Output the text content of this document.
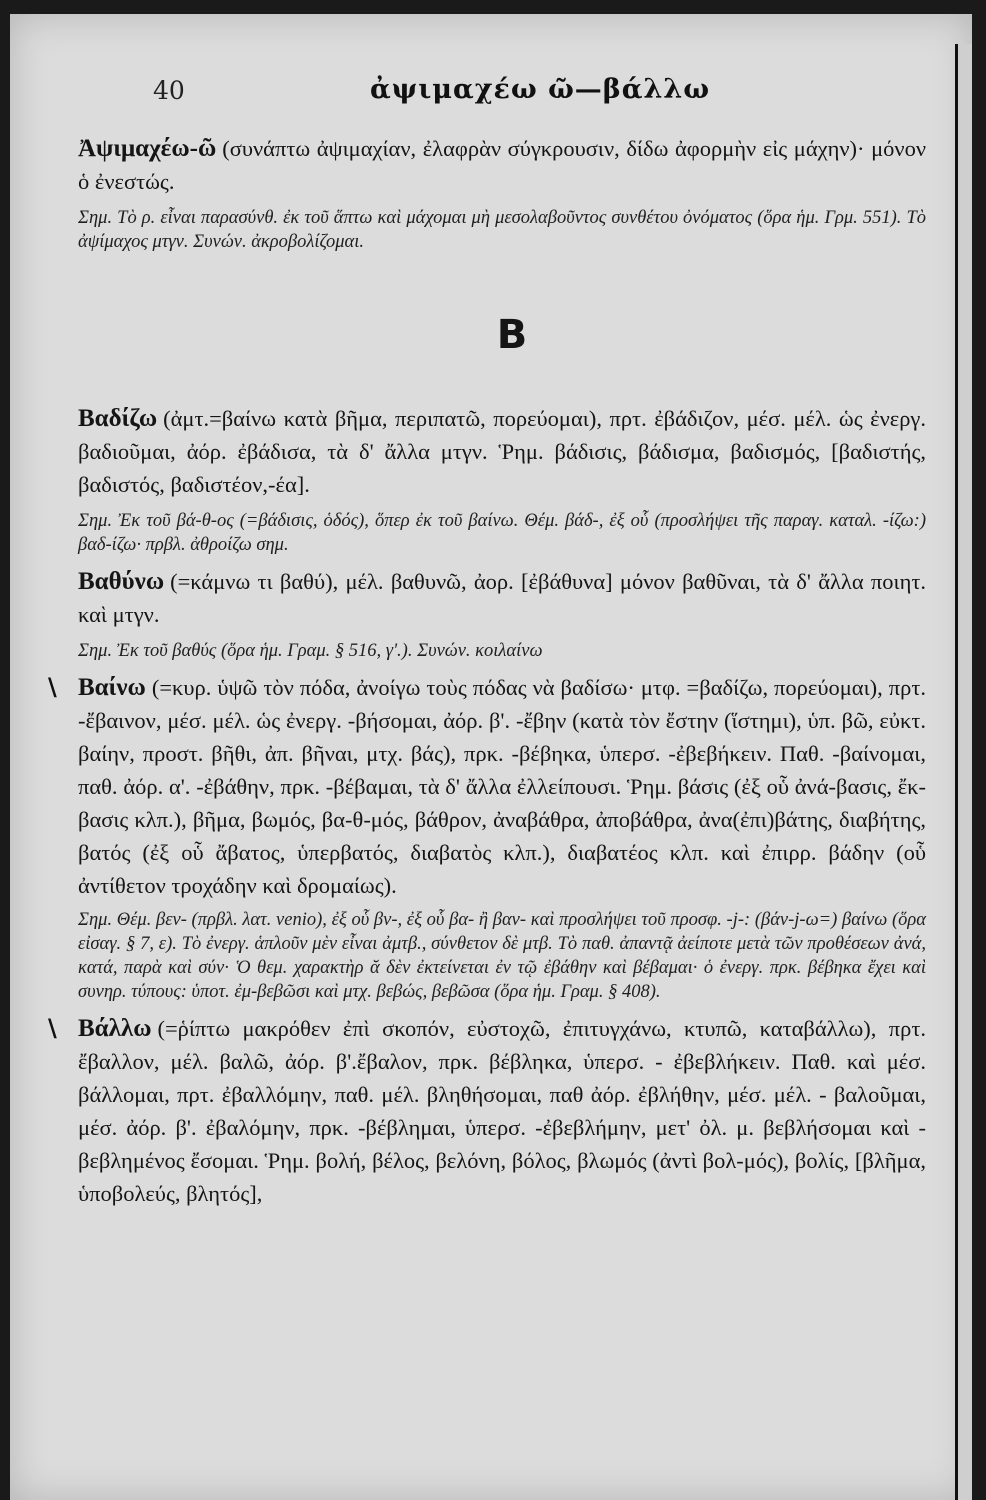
40	ἀψιμαχέω ῶ—βάλλω

Ἀψιμαχέω-ῶ (συνάπτω ἀψιμαχίαν, ἐλαφρὰν σύγκρουσιν, δίδω ἀφορμὴν εἰς μάχην)· μόνον ὁ ἐνεστώς.

Σημ. Τὸ ρ. εἶναι παρασύνθ. ἐκ τοῦ ἅπτω καὶ μάχομαι μὴ μεσολαβοῦντος συνθέτου ὀνόματος (ὅρα ἡμ. Γρμ. 551). Τὸ ἀψίμαχος μτγν. Συνών. ἀκροβολίζομαι.

Β

Βαδίζω (ἀμτ.=βαίνω κατὰ βῆμα, περιπατῶ, πορεύομαι), πρτ. ἐβάδιζον, μέσ. μέλ. ὡς ἐνεργ. βαδιοῦμαι, ἀόρ. ἐβάδισα, τὰ δ' ἄλλα μτγν. Ῥημ. βάδισις, βάδισμα, βαδισμός, [βαδιστής, βαδιστός, βαδιστέον,-έα].

Σημ. Ἐκ τοῦ βά-θ-ος (=βάδισις, ὁδός), ὅπερ ἐκ τοῦ βαίνω. Θέμ. βάδ-, ἐξ οὗ (προσλήψει τῆς παραγ. καταλ. -ίζω:) βαδ-ίζω· πρβλ. ἀθροίζω σημ.

Βαθύνω (=κάμνω τι βαθύ), μέλ. βαθυνῶ, ἀορ. [ἐβάθυνα] μόνον βαθῦναι, τὰ δ' ἄλλα ποιητ. καὶ μτγν.

Σημ. Ἐκ τοῦ βαθύς (ὅρα ἡμ. Γραμ. § 516, γ'.). Συνών. κοιλαίνω

\ Βαίνω (=κυρ. ὑψῶ τὸν πόδα, ἀνοίγω τοὺς πόδας νὰ βαδίσω· μτφ. =βαδίζω, πορεύομαι), πρτ. -ἔβαινον, μέσ. μέλ. ὡς ἐνεργ. -βήσομαι, ἀόρ. β'. -ἔβην (κατὰ τὸν ἔστην (ἵστημι), ὑπ. βῶ, εὐκτ. βαίην, προστ. βῆθι, ἀπ. βῆναι, μτχ. βάς), πρκ. -βέβηκα, ὑπερσ. -ἐβεβήκειν. Παθ. -βαίνομαι, παθ. ἀόρ. α'. -ἐβάθην, πρκ. -βέβαμαι, τὰ δ' ἄλλα ἐλλείπουσι. Ῥημ. βάσις (ἐξ οὗ ἀνά-βασις, ἔκ-βασις κλπ.), βῆμα, βωμός, βα-θ-μός, βάθρον, ἀναβάθρα, ἀποβάθρα, ἀνα(ἐπι)βάτης, διαβήτης, βατός (ἐξ οὗ ἄβατος, ὑπερβατός, διαβατὸς κλπ.), διαβατέος κλπ. καὶ ἐπιρρ. βάδην (οὗ ἀντίθετον τροχάδην καὶ δρομαίως).

Σημ. Θέμ. βεν- (πρβλ. λατ. venio), ἐξ οὗ βν-, ἐξ οὗ βα- ἢ βαν- καὶ προσλήψει τοῦ προσφ. -j-: (βάν-j-ω=) βαίνω (ὅρα εἰσαγ. § 7, ε). Τὸ ἐνεργ. ἁπλοῦν μὲν εἶναι ἀμτβ., σύνθετον δὲ μτβ. Τὸ παθ. ἀπαντᾷ ἀείποτε μετὰ τῶν προθέσεων ἀνά, κατά, παρὰ καὶ σύν· Ὁ θεμ. χαρακτὴρ ᾰ δὲν ἐκτείνεται ἐν τῷ ἐβάθην καὶ βέβαμαι· ὁ ἐνεργ. πρκ. βέβηκα ἔχει καὶ συνηρ. τύπους: ὑποτ. ἐμ-βεβῶσι καὶ μτχ. βεβώς, βεβῶσα (ὅρα ἡμ. Γραμ. § 408).

\ Βάλλω (=ῥίπτω μακρόθεν ἐπὶ σκοπόν, εὐστοχῶ, ἐπιτυγχάνω, κτυπῶ, καταβάλλω), πρτ. ἔβαλλον, μέλ. βαλῶ, ἀόρ. β'.ἔβαλον, πρκ. βέβληκα, ὑπερσ. - ἐβεβλήκειν. Παθ. καὶ μέσ. βάλλομαι, πρτ. ἐβαλλόμην, παθ. μέλ. βληθήσομαι, παθ ἀόρ. ἐβλήθην, μέσ. μέλ. - βαλοῦμαι, μέσ. ἀόρ. β'. ἐβαλόμην, πρκ. -βέβλημαι, ὑπερσ. -ἐβεβλήμην, μετ' ὀλ. μ. βεβλήσομαι καὶ - βεβλημένος ἔσομαι. Ῥημ. βολή, βέλος, βελόνη, βόλος, βλωμός (ἀντὶ βολ-μός), βολίς, [βλῆμα, ὑποβολεύς, βλητός],
